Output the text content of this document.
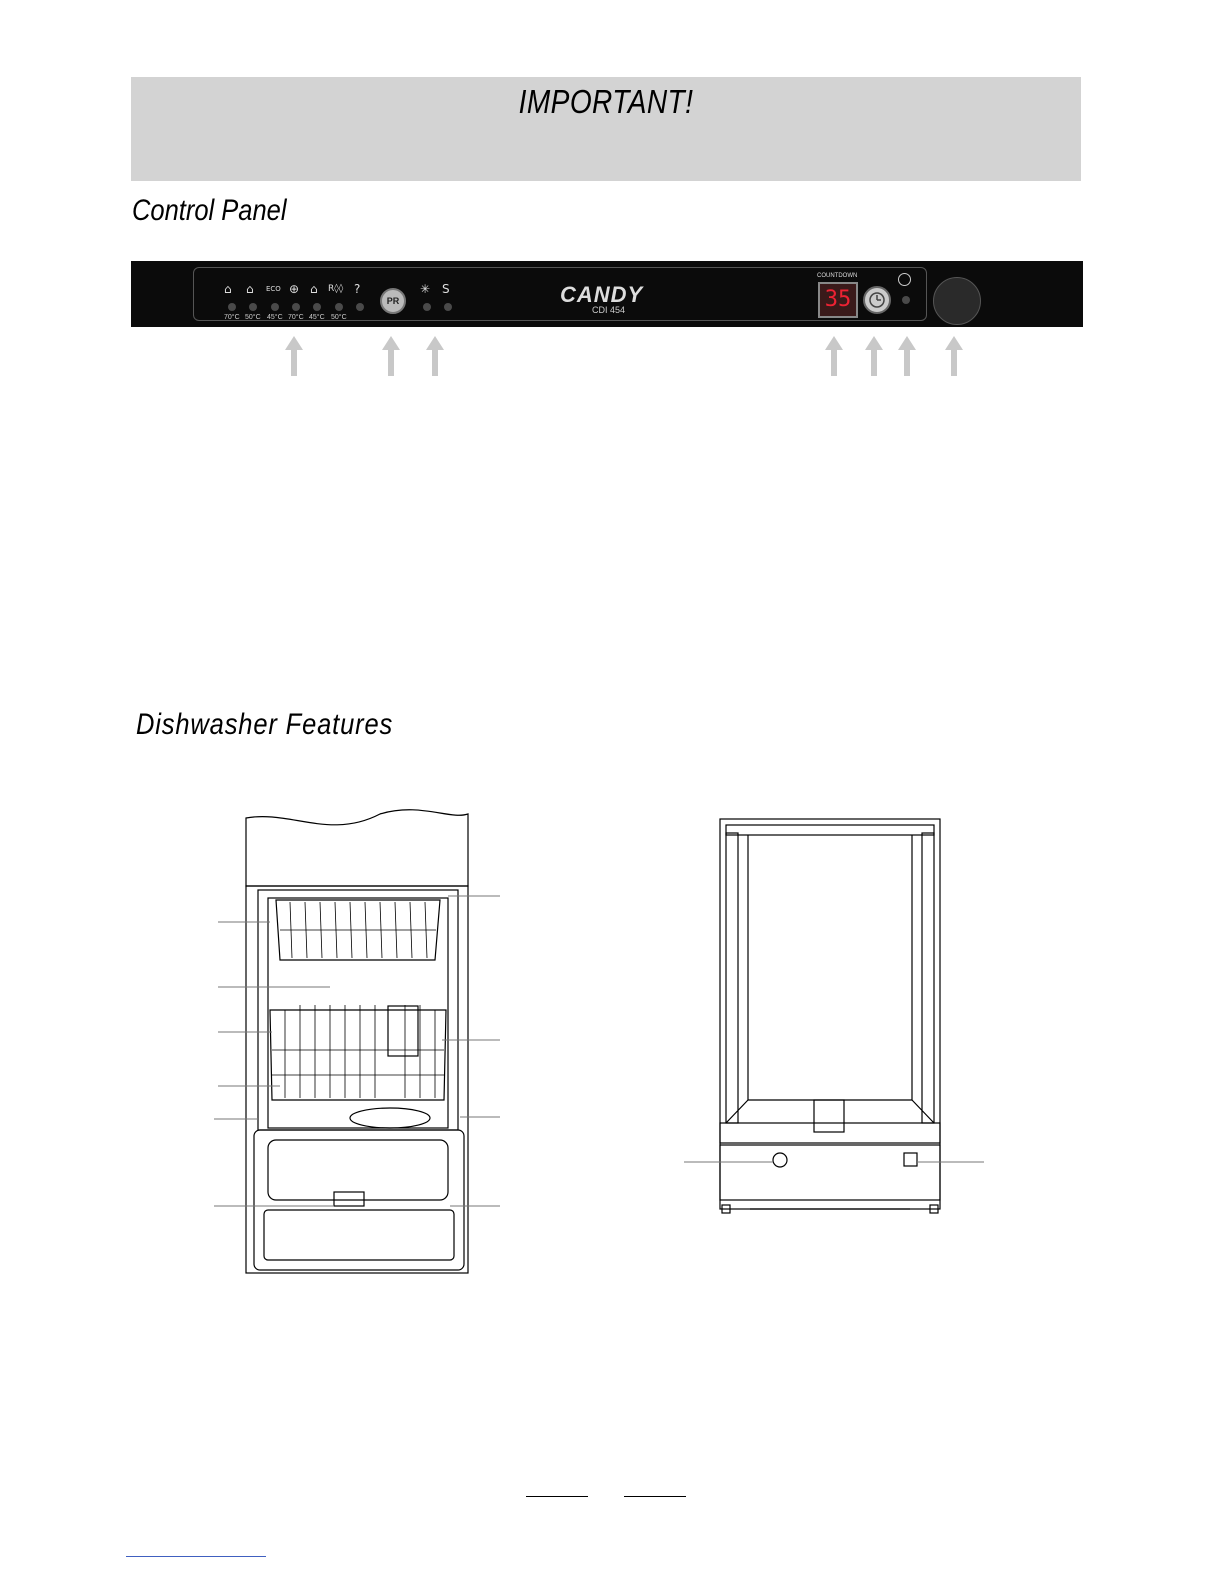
IMPORTANT!
Control Panel
⌂ ⌂ ECO ⊕ ⌂ R◊◊ ?
70°C 50°C 45°C 70°C 45°C 50°C
PR
✳ S	CANDY
CDI 454
COUNTDOWN
35
Dishwasher Features
